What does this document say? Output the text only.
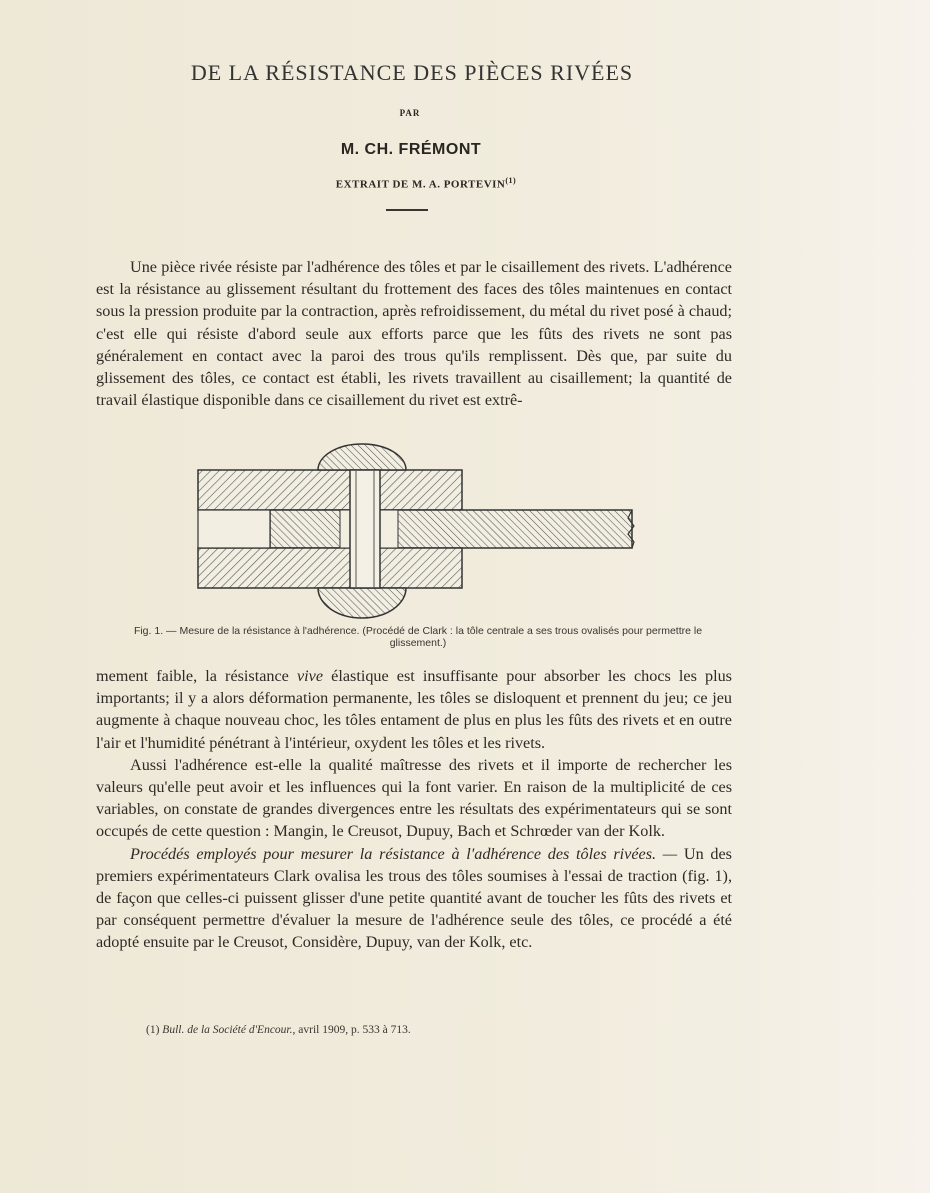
DE LA RÉSISTANCE DES PIÈCES RIVÉES
PAR
M. CH. FRÉMONT
EXTRAIT DE M. A. PORTEVIN$^{(1)}$

Une pièce rivée résiste par l'adhérence des tôles et par le cisaillement des rivets. L'adhérence est la résistance au glissement résultant du frottement des faces des tôles maintenues en contact sous la pression produite par la contraction, après refroidissement, du métal du rivet posé à chaud; c'est elle qui résiste d'abord seule aux efforts parce que les fûts des rivets ne sont pas généralement en contact avec la paroi des trous qu'ils remplissent. Dès que, par suite du glissement des tôles, ce contact est établi, les rivets travaillent au cisaillement; la quantité de travail élastique disponible dans ce cisaillement du rivet est extrê-

Fig. 1. — Mesure de la résistance à l'adhérence. (Procédé de Clark : la tôle centrale a ses trous ovalisés pour permettre le glissement.)

mement faible, la résistance vive élastique est insuffisante pour absorber les chocs les plus importants; il y a alors déformation permanente, les tôles se disloquent et prennent du jeu; ce jeu augmente à chaque nouveau choc, les tôles entament de plus en plus les fûts des rivets et en outre l'air et l'humidité pénétrant à l'intérieur, oxydent les tôles et les rivets.

Aussi l'adhérence est-elle la qualité maîtresse des rivets et il importe de rechercher les valeurs qu'elle peut avoir et les influences qui la font varier. En raison de la multiplicité de ces variables, on constate de grandes divergences entre les résultats des expérimentateurs qui se sont occupés de cette question : Mangin, le Creusot, Dupuy, Bach et Schrœder van der Kolk.

Procédés employés pour mesurer la résistance à l'adhérence des tôles rivées. — Un des premiers expérimentateurs Clark ovalisa les trous des tôles soumises à l'essai de traction (fig. 1), de façon que celles-ci puissent glisser d'une petite quantité avant de toucher les fûts des rivets et par conséquent permettre d'évaluer la mesure de l'adhérence seule des tôles, ce procédé a été adopté ensuite par le Creusot, Considère, Dupuy, van der Kolk, etc.

(1) Bull. de la Société d'Encour., avril 1909, p. 533 à 713.
